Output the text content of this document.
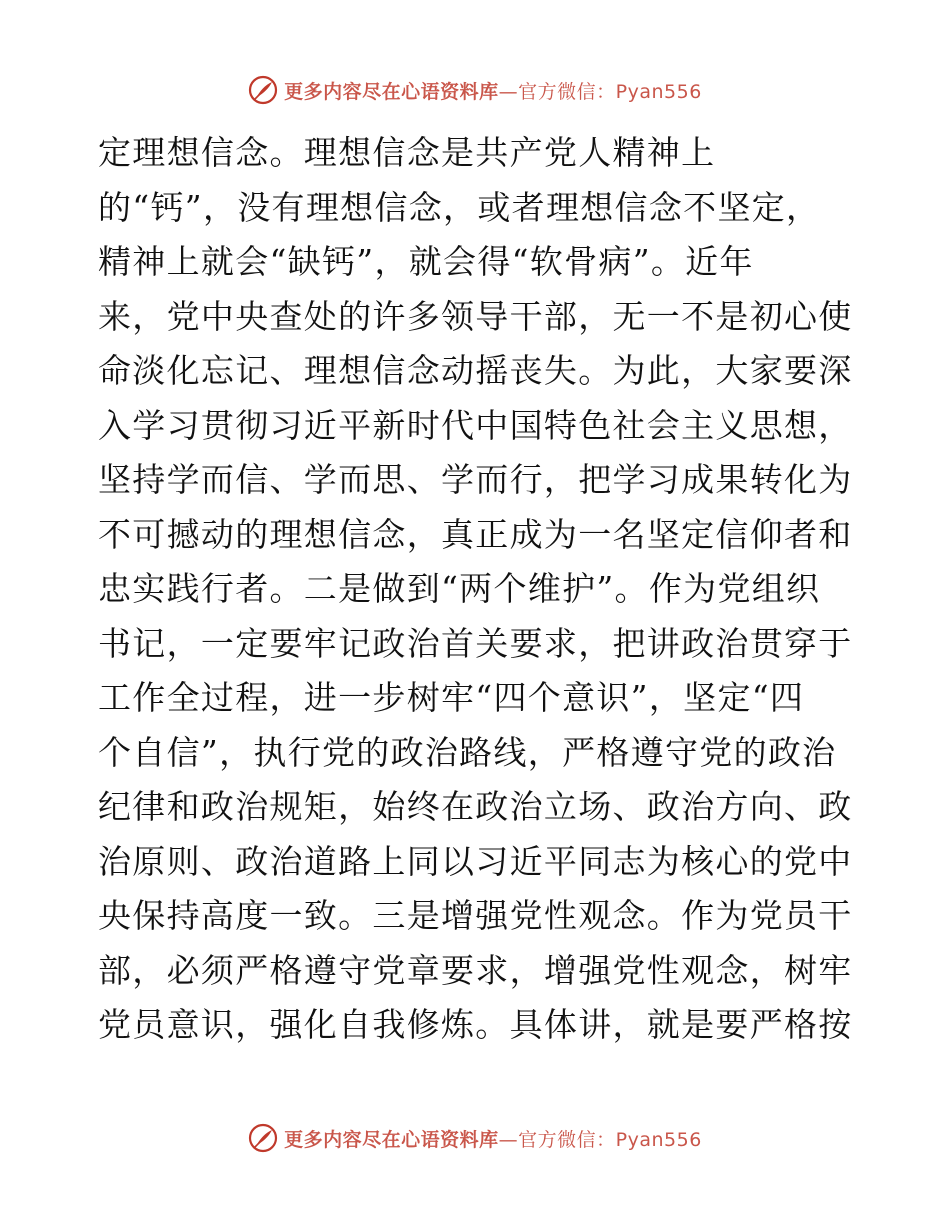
更多内容尽在心语资料库—官方微信：Pyan556
定理想信念。理想信念是共产党人精神上
的“钙”，没有理想信念，或者理想信念不坚定，
精神上就会“缺钙”，就会得“软骨病”。近年
来，党中央查处的许多领导干部，无一不是初心使
命淡化忘记、理想信念动摇丧失。为此，大家要深
入学习贯彻习近平新时代中国特色社会主义思想，
坚持学而信、学而思、学而行，把学习成果转化为
不可撼动的理想信念，真正成为一名坚定信仰者和
忠实践行者。二是做到“两个维护”。作为党组织
书记，一定要牢记政治首关要求，把讲政治贯穿于
工作全过程，进一步树牢“四个意识”，坚定“四
个自信”，执行党的政治路线，严格遵守党的政治
纪律和政治规矩，始终在政治立场、政治方向、政
治原则、政治道路上同以习近平同志为核心的党中
央保持高度一致。三是增强党性观念。作为党员干
部，必须严格遵守党章要求，增强党性观念，树牢
党员意识，强化自我修炼。具体讲，就是要严格按
更多内容尽在心语资料库—官方微信：Pyan556
